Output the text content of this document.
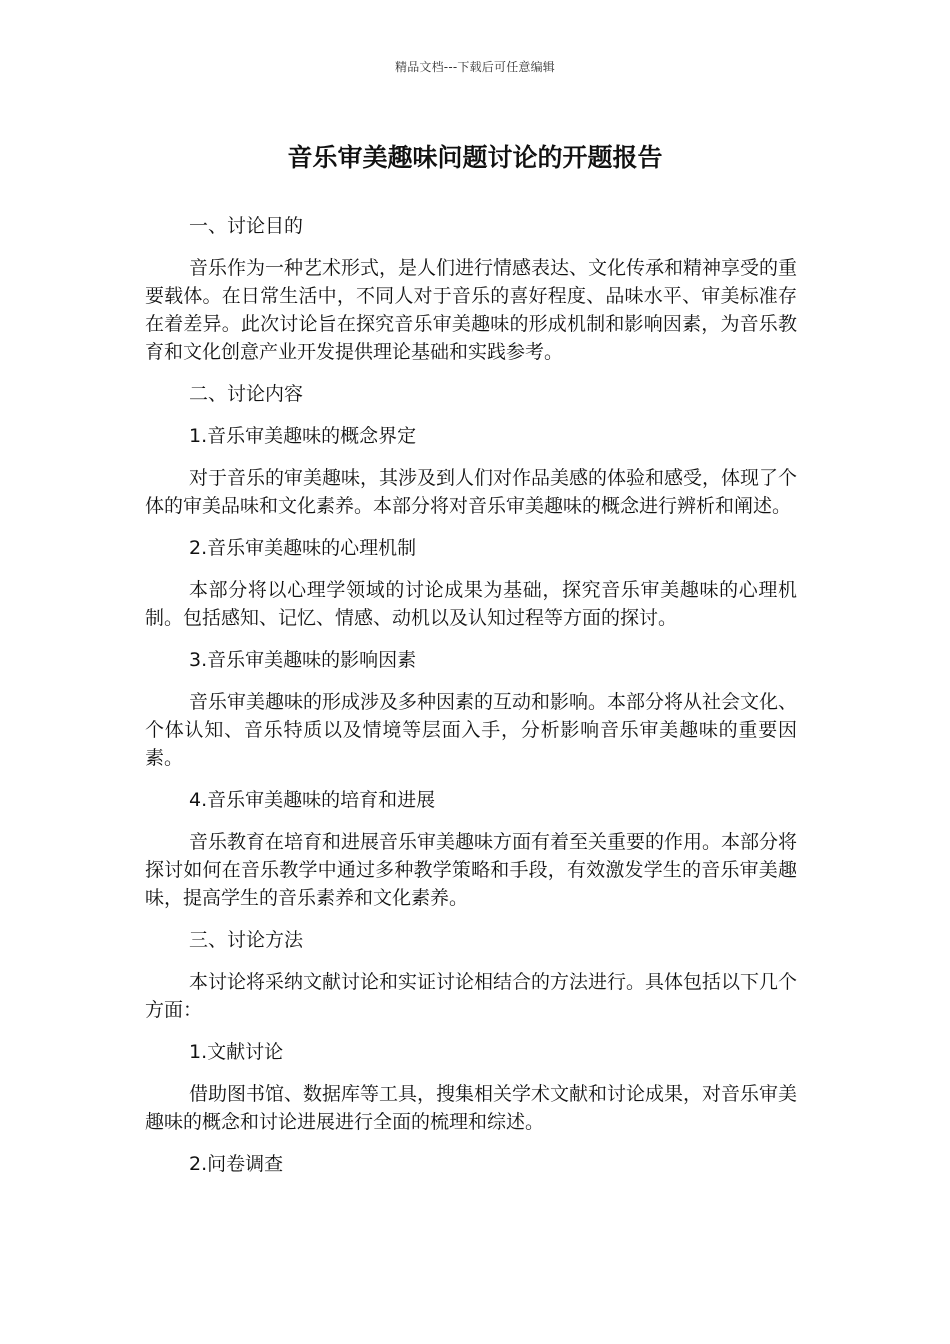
精品文档---下载后可任意编辑
音乐审美趣味问题讨论的开题报告

一、讨论目的

音乐作为一种艺术形式，是人们进行情感表达、文化传承和精神享受的重要载体。在日常生活中，不同人对于音乐的喜好程度、品味水平、审美标准存在着差异。此次讨论旨在探究音乐审美趣味的形成机制和影响因素，为音乐教育和文化创意产业开发提供理论基础和实践参考。

二、讨论内容

1.音乐审美趣味的概念界定

对于音乐的审美趣味，其涉及到人们对作品美感的体验和感受，体现了个体的审美品味和文化素养。本部分将对音乐审美趣味的概念进行辨析和阐述。

2.音乐审美趣味的心理机制

本部分将以心理学领域的讨论成果为基础，探究音乐审美趣味的心理机制。包括感知、记忆、情感、动机以及认知过程等方面的探讨。

3.音乐审美趣味的影响因素

音乐审美趣味的形成涉及多种因素的互动和影响。本部分将从社会文化、个体认知、音乐特质以及情境等层面入手，分析影响音乐审美趣味的重要因素。

4.音乐审美趣味的培育和进展

音乐教育在培育和进展音乐审美趣味方面有着至关重要的作用。本部分将探讨如何在音乐教学中通过多种教学策略和手段，有效激发学生的音乐审美趣味，提高学生的音乐素养和文化素养。

三、讨论方法

本讨论将采纳文献讨论和实证讨论相结合的方法进行。具体包括以下几个方面：

1.文献讨论

借助图书馆、数据库等工具，搜集相关学术文献和讨论成果，对音乐审美趣味的概念和讨论进展进行全面的梳理和综述。

2.问卷调查
